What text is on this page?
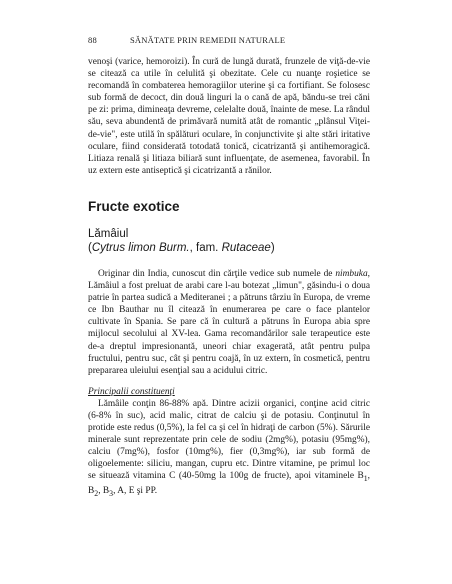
88	SĂNĂTATE PRIN REMEDII NATURALE

venoşi (varice, hemoroizi). În cură de lungă durată, frunzele de viţă-de-vie se citează ca utile în celulită şi obezitate. Cele cu nuanţe roşietice se recomandă în combaterea hemoragiilor uterine şi ca fortifiant. Se folosesc sub formă de decoct, din două linguri la o cană de apă, băndu-se trei căni pe zi: prima, dimineaţa devreme, celelalte două, înainte de mese. La rândul său, seva abundentă de primăvară numită atât de romantic „plânsul Viţei-de-vie", este utilă în spălături oculare, în conjunctivite şi alte stări iritative oculare, fiind considerată totodată tonică, cicatrizantă şi antihemoragică. Litiaza renală şi litiaza biliară sunt influenţate, de asemenea, favorabil. În uz extern este antiseptică şi cicatrizantă a rănilor.

Fructe exotice
Lămâiul
(Cytrus limon Burm., fam. Rutaceae)

Originar din India, cunoscut din cărţile vedice sub numele de nimbuka, Lămâiul a fost preluat de arabi care l-au botezat „limun", găsindu-i o doua patrie în partea sudică a Mediteranei ; a pătruns târziu în Europa, de vreme ce Ibn Bauthar nu îl citează în enumerarea pe care o face plantelor cultivate în Spania. Se pare că în cultură a pătruns în Europa abia spre mijlocul secolului al XV-lea. Gama recomandărilor sale terapeutice este de-a dreptul impresionantă, uneori chiar exagerată, atât pentru pulpa fructului, pentru suc, cât şi pentru coajă, în uz extern, în cosmetică, pentru prepararea uleiului esenţial sau a acidului citric.

Principalii constituenţi

Lămâile conţin 86-88% apă. Dintre acizii organici, conţine acid citric (6-8% în suc), acid malic, citrat de calciu şi de potasiu. Conţinutul în protide este redus (0,5%), la fel ca şi cel în hidraţi de carbon (5%). Sărurile minerale sunt reprezentate prin cele de sodiu (2mg%), potasiu (95mg%), calciu (7mg%), fosfor (10mg%), fier (0,3mg%), iar sub formă de oligoelemente: siliciu, mangan, cupru etc. Dintre vitamine, pe primul loc se situează vitamina C (40-50mg la 100g de fructe), apoi vitaminele $B_1$, $B_2$, $B_3$, A, E şi PP.
